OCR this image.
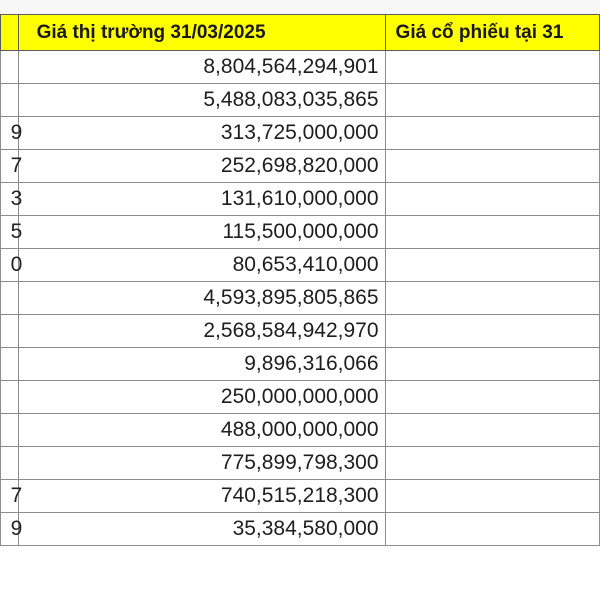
	Giá thị trường 31/03/2025	Giá cổ phiếu tại 31
	8,804,564,294,901	
	5,488,083,035,865	
9	313,725,000,000	
7	252,698,820,000	
3	131,610,000,000	
5	115,500,000,000	
0	80,653,410,000	
	4,593,895,805,865	
	2,568,584,942,970	
	9,896,316,066	
	250,000,000,000	
	488,000,000,000	
	775,899,798,300	
7	740,515,218,300	
9	35,384,580,000	
